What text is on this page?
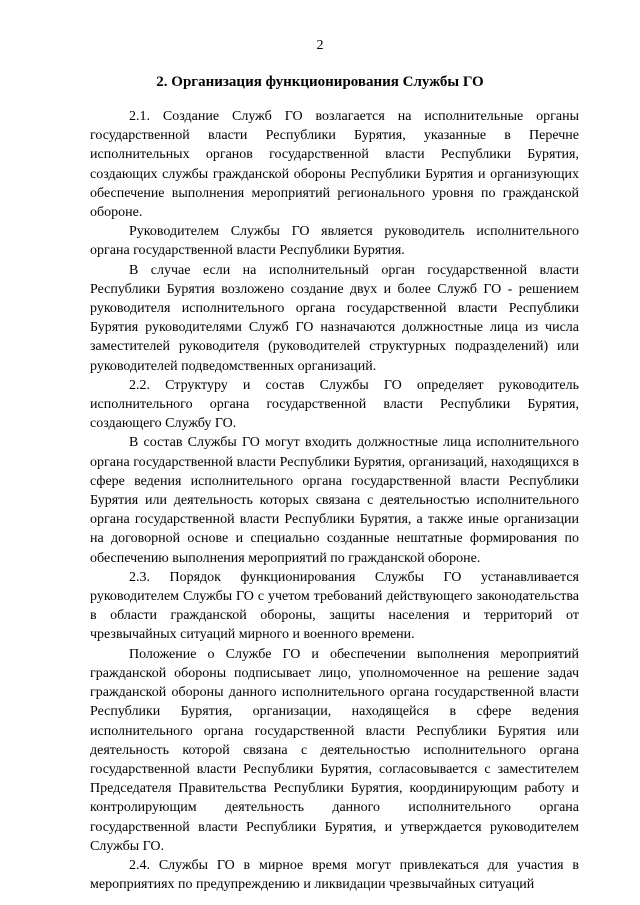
2
2. Организация функционирования Службы ГО

2.1. Создание Служб ГО возлагается на исполнительные органы государственной власти Республики Бурятия, указанные в Перечне исполнительных органов государственной власти Республики Бурятия, создающих службы гражданской обороны Республики Бурятия и организующих обеспечение выполнения мероприятий регионального уровня по гражданской обороне.

Руководителем Службы ГО является руководитель исполнительного органа государственной власти Республики Бурятия.

В случае если на исполнительный орган государственной власти Республики Бурятия возложено создание двух и более Служб ГО - решением руководителя исполнительного органа государственной власти Республики Бурятия руководителями Служб ГО назначаются должностные лица из числа заместителей руководителя (руководителей структурных подразделений) или руководителей подведомственных организаций.

2.2. Структуру и состав Службы ГО определяет руководитель исполнительного органа государственной власти Республики Бурятия, создающего Службу ГО.

В состав Службы ГО могут входить должностные лица исполнительного органа государственной власти Республики Бурятия, организаций, находящихся в сфере ведения исполнительного органа государственной власти Республики Бурятия или деятельность которых связана с деятельностью исполнительного органа государственной власти Республики Бурятия, а также иные организации на договорной основе и специально созданные нештатные формирования по обеспечению выполнения мероприятий по гражданской обороне.

2.3. Порядок функционирования Службы ГО устанавливается руководителем Службы ГО с учетом требований действующего законодательства в области гражданской обороны, защиты населения и территорий от чрезвычайных ситуаций мирного и военного времени.

Положение о Службе ГО и обеспечении выполнения мероприятий гражданской обороны подписывает лицо, уполномоченное на решение задач гражданской обороны данного исполнительного органа государственной власти Республики Бурятия, организации, находящейся в сфере ведения исполнительного органа государственной власти Республики Бурятия или деятельность которой связана с деятельностью исполнительного органа государственной власти Республики Бурятия, согласовывается с заместителем Председателя Правительства Республики Бурятия, координирующим работу и контролирующим деятельность данного исполнительного органа государственной власти Республики Бурятия, и утверждается руководителем Службы ГО.

2.4. Службы ГО в мирное время могут привлекаться для участия в мероприятиях по предупреждению и ликвидации чрезвычайных ситуаций
